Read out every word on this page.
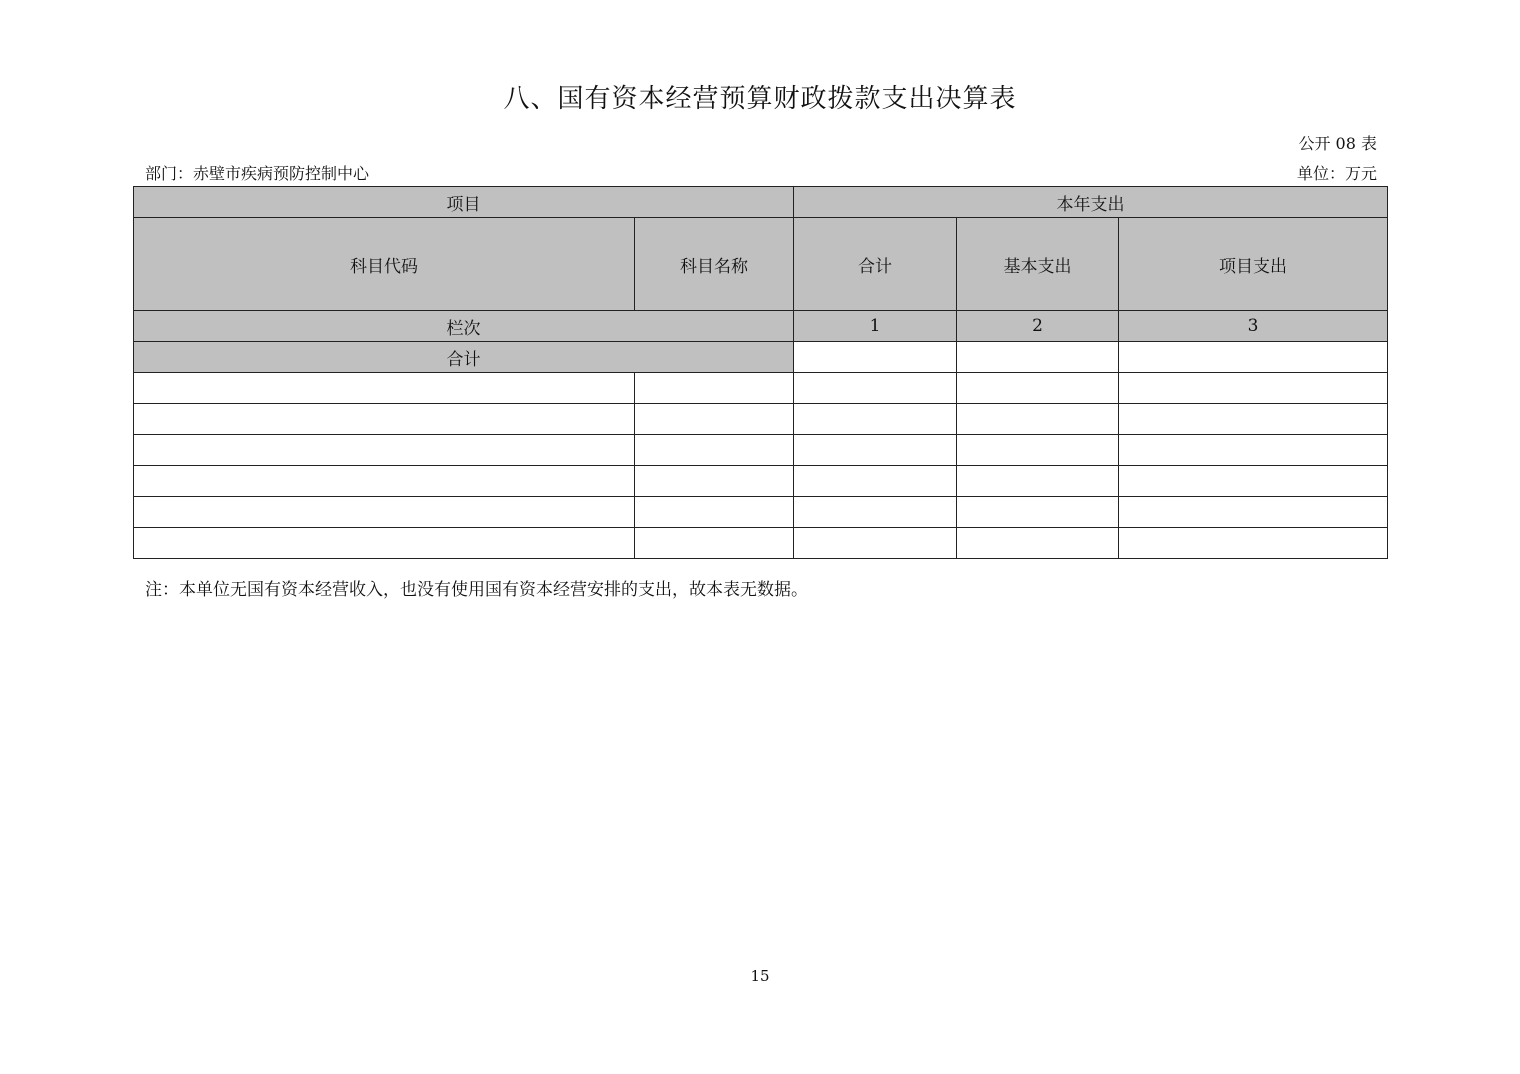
八、国有资本经营预算财政拨款支出决算表
公开 08 表
部门：赤壁市疾病预防控制中心	单位：万元
项目		本年支出		
科目代码	科目名称	合计	基本支出	项目支出
栏次		1	2	3
合计				

注：本单位无国有资本经营收入，也没有使用国有资本经营安排的支出，故本表无数据。
15
